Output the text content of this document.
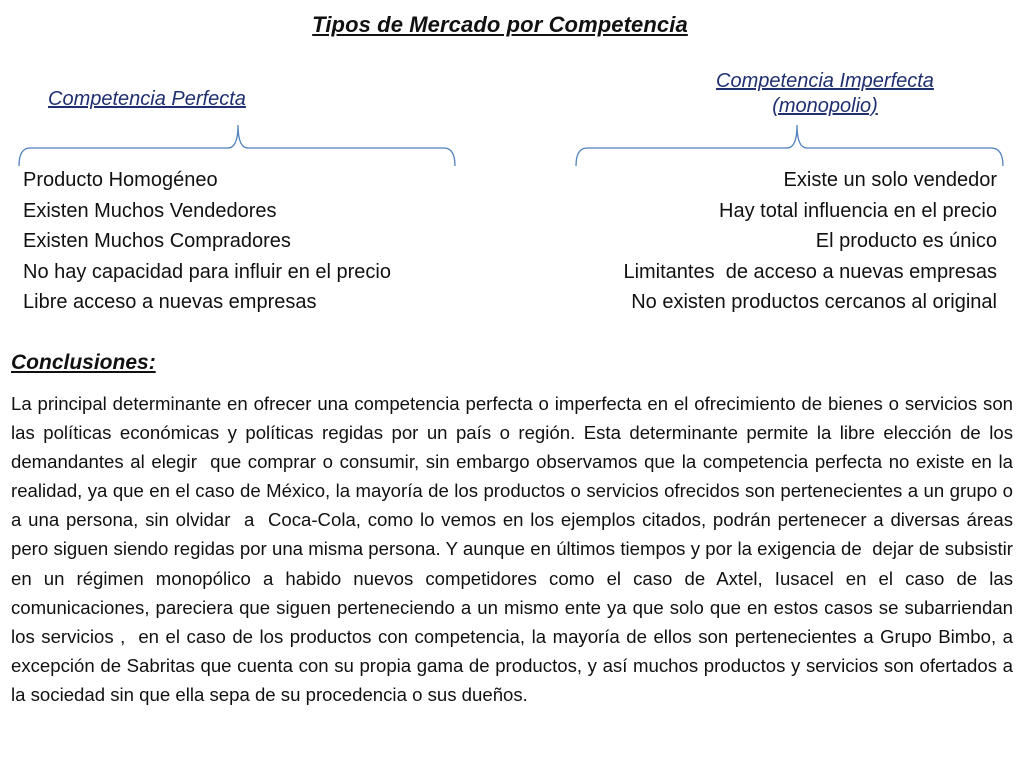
Tipos de Mercado por Competencia
Competencia Perfecta
Competencia Imperfecta
(monopolio)
Producto Homogéneo
Existen Muchos Vendedores
Existen Muchos Compradores
No hay capacidad para influir en el precio
Libre acceso a nuevas empresas
Existe un solo vendedor
Hay total influencia en el precio
El producto es único
Limitantes  de acceso a nuevas empresas
No existen productos cercanos al original
Conclusiones:

La principal determinante en ofrecer una competencia perfecta o imperfecta en el ofrecimiento de bienes o servicios son las políticas económicas y políticas regidas por un país o región. Esta determinante permite la libre elección de los demandantes al elegir  que comprar o consumir, sin embargo observamos que la competencia perfecta no existe en la realidad, ya que en el caso de México, la mayoría de los productos o servicios ofrecidos son pertenecientes a un grupo o a una persona, sin olvidar  a  Coca-Cola, como lo vemos en los ejemplos citados, podrán pertenecer a diversas áreas pero siguen siendo regidas por una misma persona. Y aunque en últimos tiempos y por la exigencia de  dejar de subsistir en un régimen monopólico a habido nuevos competidores como el caso de Axtel, Iusacel en el caso de las comunicaciones, pareciera que siguen perteneciendo a un mismo ente ya que solo que en estos casos se subarriendan los servicios ,  en el caso de los productos con competencia, la mayoría de ellos son pertenecientes a Grupo Bimbo, a excepción de Sabritas que cuenta con su propia gama de productos, y así muchos productos y servicios son ofertados a la sociedad sin que ella sepa de su procedencia o sus dueños.
